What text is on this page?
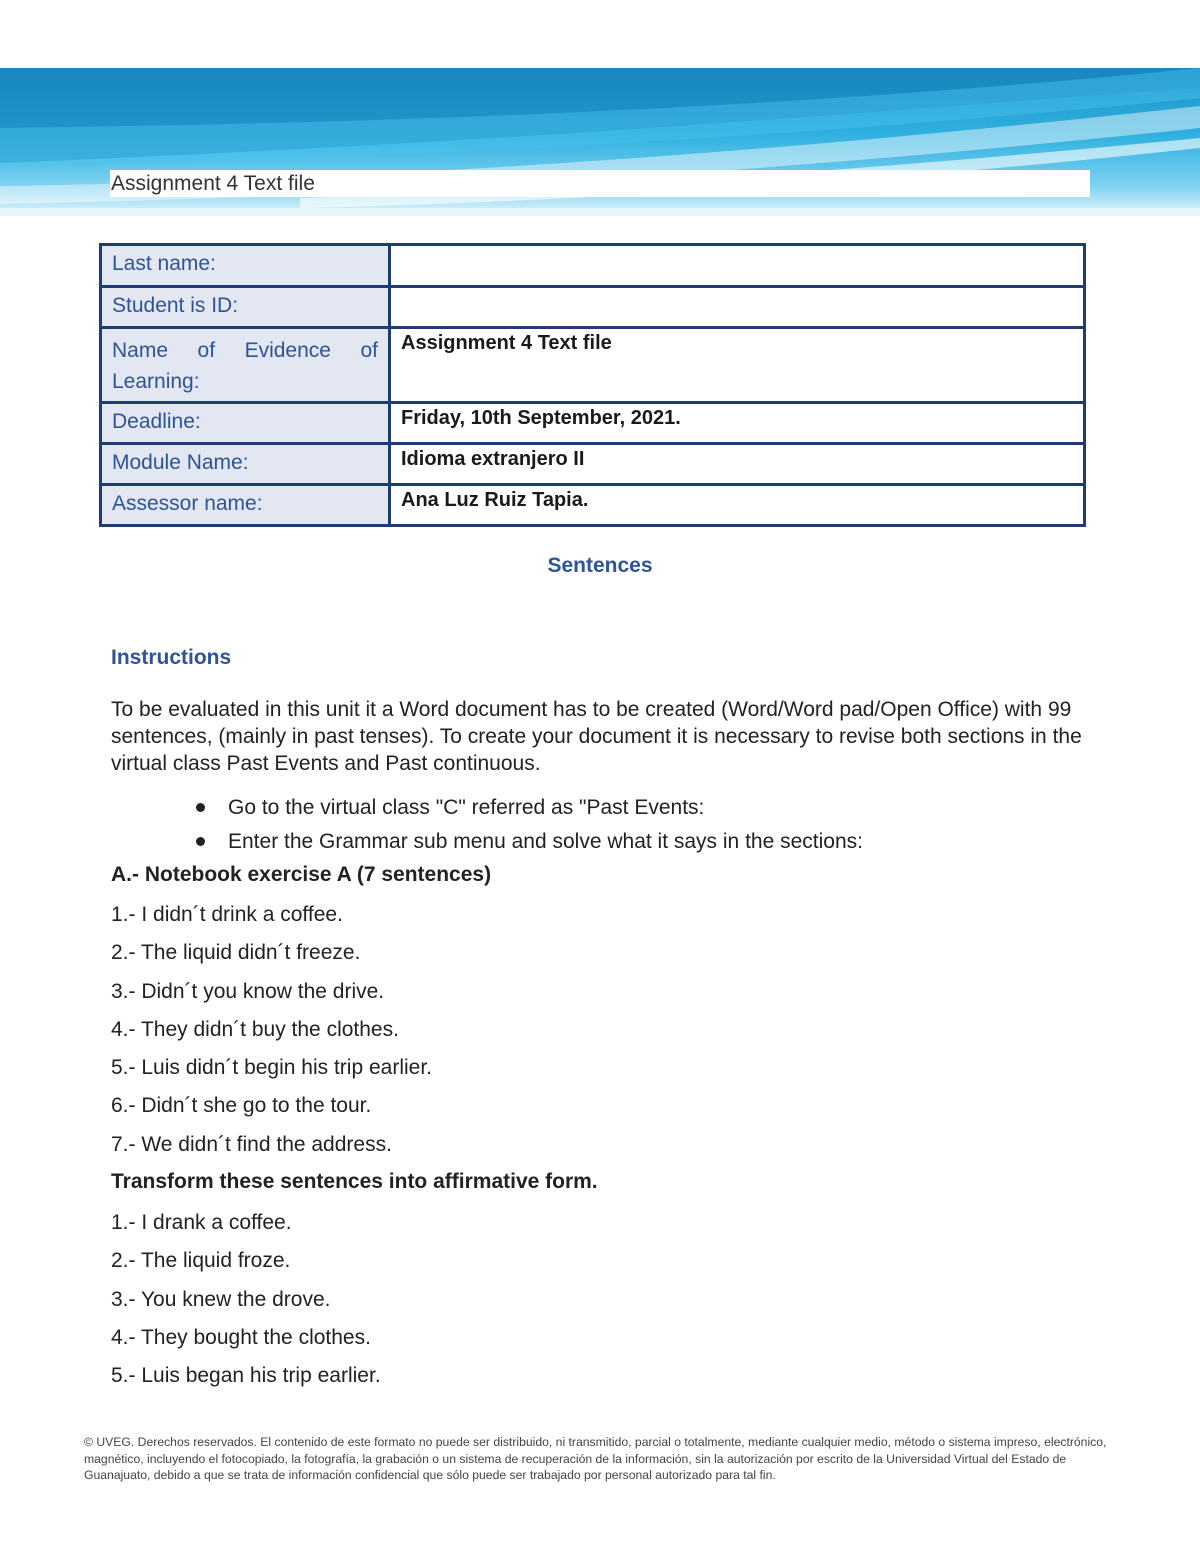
Assignment 4 Text file
Last name:	
Student is ID:	

Name of Evidence of Learning:	Assignment 4 Text file
Deadline:	Friday, 10th September, 2021.
Module Name:	Idioma extranjero II
Assessor name:	Ana Luz Ruiz Tapia.
Sentences
Instructions
To be evaluated in this unit it a Word document has to be created (Word/Word pad/Open Office) with 99 sentences, (mainly in past tenses). To create your document it is necessary to revise both sections in the virtual class Past Events and Past continuous.
Go to the virtual class "C" referred as "Past Events:
Enter the Grammar sub menu and solve what it says in the sections:
A.- Notebook exercise A (7 sentences)
1.- I didn´t drink a coffee.
2.- The liquid didn´t freeze.
3.- Didn´t you know the drive.
4.- They didn´t buy the clothes.
5.- Luis didn´t begin his trip earlier.
6.- Didn´t she go to the tour.
7.- We didn´t find the address.
Transform these sentences into affirmative form.
1.- I drank a coffee.
2.- The liquid froze.
3.- You knew the drove.
4.- They bought the clothes.
5.- Luis began his trip earlier.
© UVEG. Derechos reservados. El contenido de este formato no puede ser distribuido, ni transmitido, parcial o totalmente, mediante cualquier medio, método o sistema impreso, electrónico, magnético, incluyendo el fotocopiado, la fotografía, la grabación o un sistema de recuperación de la información, sin la autorización por escrito de la Universidad Virtual del Estado de Guanajuato, debido a que se trata de información confidencial que sólo puede ser trabajado por personal autorizado para tal fin.
